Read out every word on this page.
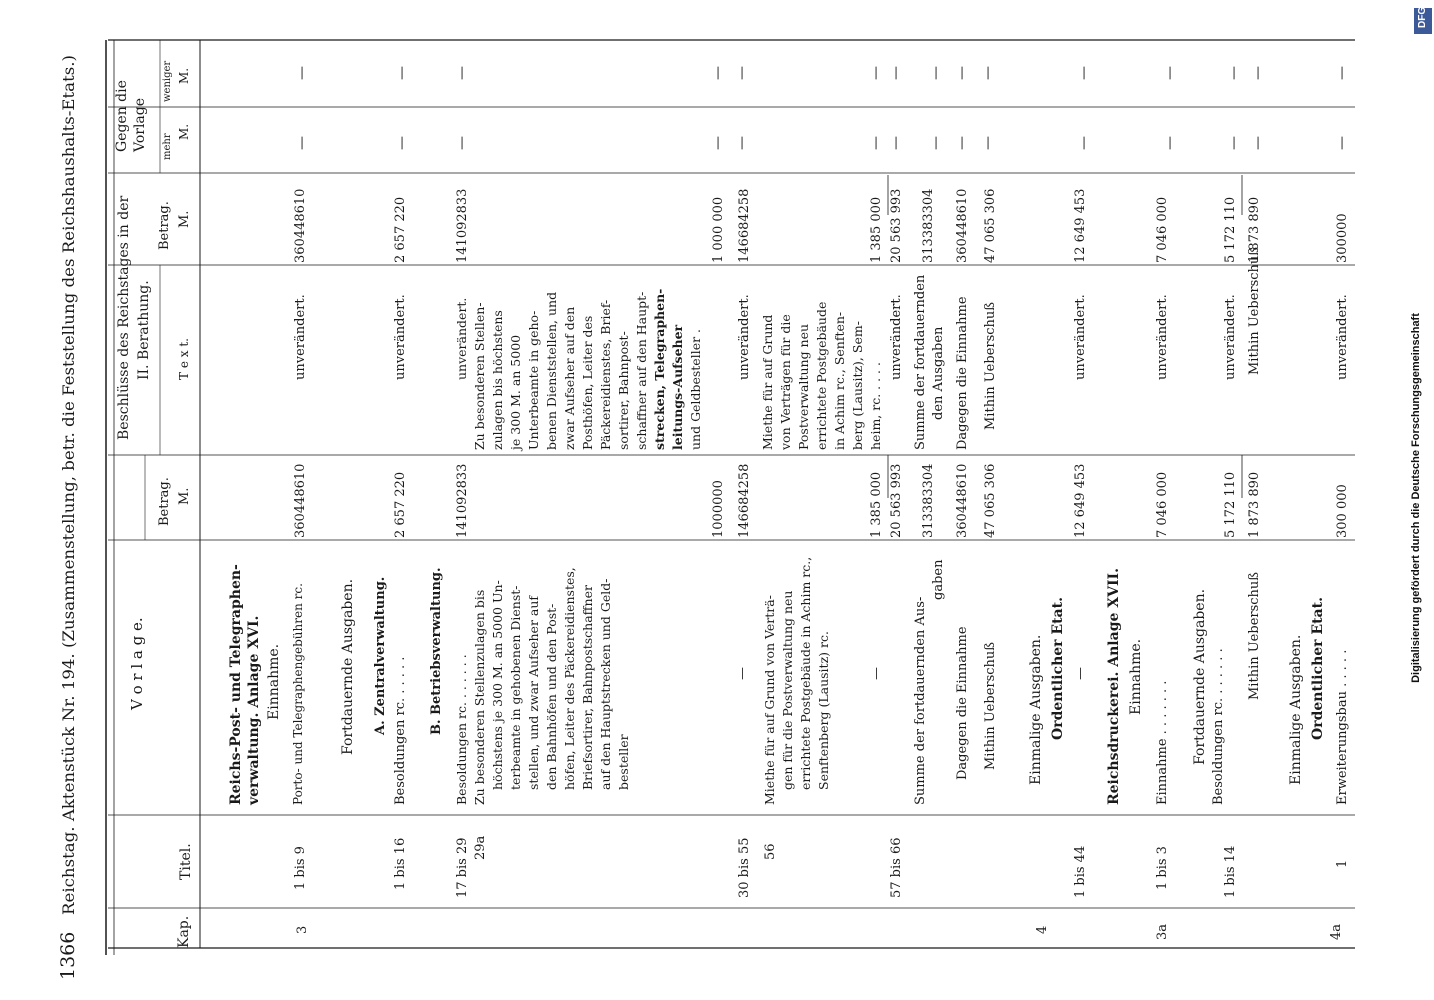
1366
Reichstag. Aktenstück Nr. 194. (Zusammenstellung, betr. die Feststellung des Reichshaushalts-Etats.)
Kap.
Titel.
V o r l a g e.
Betrag. M.
Beschlüsse des Reichstages in der II. Berathung. T e x t.
Betrag. M.
Gegen die Vorlage mehr
M.
weniger M.
3
Reichs-Post- und Telegraphen- verwaltung. Anlage XVI. Einnahme.
1 bis 9
Porto- und Telegraphengebühren rc.
360448610
unverändert.
360448610
Fortdauernde Ausgaben. A. Zentralverwaltung.
1 bis 16
Besoldungen rc. . . . . .
2 657 220
unverändert.
2 657 220
B. Betriebsverwaltung.
17 bis 29 29a
Besoldungen rc. . . . . . . Zu besonderen Stellenzulagen bis höchstens je 300 M. an 5000 Un- terbeamte in gehobenen Dienst- stellen, und zwar Aufseher auf den Bahnhöfen und den Post- höfen, Leiter des Päckereidienstes, Briefsortirer, Bahnpostschaffner auf den Hauptstrecken und Geld- besteller
141092833	1000000
unverändert. Zu besonderen Stellen- zulagen bis höchstens je 300 M. an 5000 Unterbeamte in geho- benen Dienststellen, und zwar Aufseher auf den Posthöfen, Leiter des Päckereidienstes, Brief- sortirer, Bahnpost- schaffner auf den Haupt- strecken, Telegraphen- leitungs-Aufseher und Geldbesteller .
141092833	1 000 000
30 bis 55
—
146684258
unverändert.
146684258
56
Miethe für auf Grund von Verträ- gen für die Postverwaltung neu errichtete Postgebäude in Achim rc., Senftenberg (Lausitz) rc.
1 385 000
Miethe für auf Grund von Verträgen für die Postverwaltung neu errichtete Postgebäude in Achim rc., Senften- berg (Lausitz), Sem- heim, rc. . . . .
1 385 000
57 bis 66
—
20 563 993
unverändert.
20 563 993
Summe der fortdauernden Aus-
gaben
313383304
Summe der fortdauernden den Ausgaben
313383304
Dagegen die Einnahme
360448610
Dagegen die Einnahme
360448610
Mithin Ueberschuß
47 065 306
Mithin Ueberschuß
47 065 306
4
Einmalige Ausgaben. Ordentlicher Etat.
1 bis 44
—
12 649 453
unverändert.
12 649 453
3a
Reichsdruckerei. Anlage XVII. Einnahme.
1 bis 3
Einnahme . . . . . . .
7 046 000
unverändert.
7 046 000
Fortdauernde Ausgaben.
1 bis 14
Besoldungen rc. . . . . . .
5 172 110
unverändert.
5 172 110
Mithin Ueberschuß
1 873 890
Mithin Ueberschuß
1 873 890
4a
Einmalige Ausgaben. Ordentlicher Etat.
1
Erweiterungsbau . . . . .
300 000
unverändert.
300000
—
—
—
—
—
—
—
—
—
—
—
—
—
—
—
—
—
—
—
—
—
—
—
—
—
—
—
—
—
—
Digitalisierung gefördert durch die Deutsche Forschungsgemeinschaft
DFG
